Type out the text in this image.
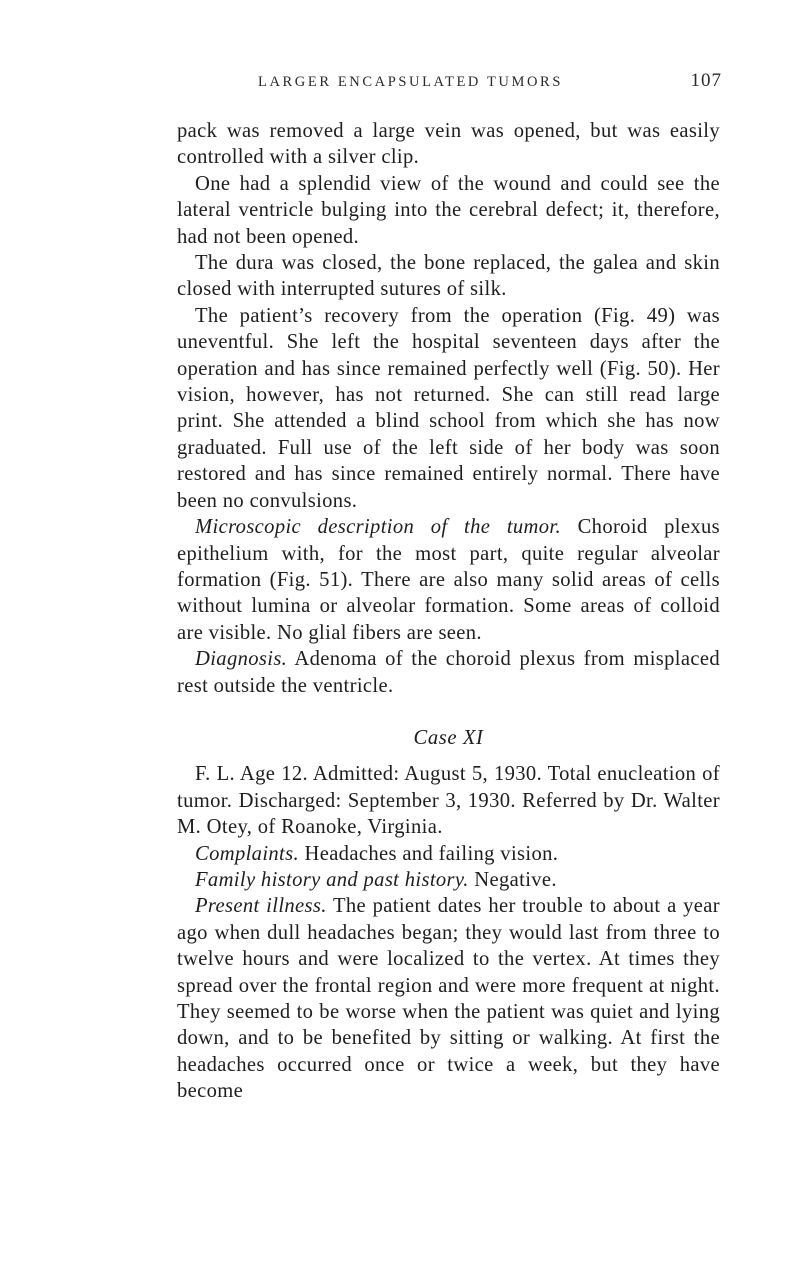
LARGER ENCAPSULATED TUMORS	107

pack was removed a large vein was opened, but was easily controlled with a silver clip.

One had a splendid view of the wound and could see the lateral ventricle bulging into the cerebral defect; it, therefore, had not been opened.

The dura was closed, the bone replaced, the galea and skin closed with interrupted sutures of silk.

The patient’s recovery from the operation (Fig. 49) was uneventful. She left the hospital seventeen days after the operation and has since remained perfectly well (Fig. 50). Her vision, however, has not returned. She can still read large print. She attended a blind school from which she has now graduated. Full use of the left side of her body was soon restored and has since remained entirely normal. There have been no convulsions.

Microscopic description of the tumor. Choroid plexus epithelium with, for the most part, quite regular alveolar formation (Fig. 51). There are also many solid areas of cells without lumina or alveolar formation. Some areas of colloid are visible. No glial fibers are seen.

Diagnosis. Adenoma of the choroid plexus from misplaced rest outside the ventricle.

Case XI

F. L. Age 12. Admitted: August 5, 1930. Total enucleation of tumor. Discharged: September 3, 1930. Referred by Dr. Walter M. Otey, of Roanoke, Virginia.

Complaints. Headaches and failing vision.

Family history and past history. Negative.

Present illness. The patient dates her trouble to about a year ago when dull headaches began; they would last from three to twelve hours and were localized to the vertex. At times they spread over the frontal region and were more frequent at night. They seemed to be worse when the patient was quiet and lying down, and to be benefited by sitting or walking. At first the headaches occurred once or twice a week, but they have become
